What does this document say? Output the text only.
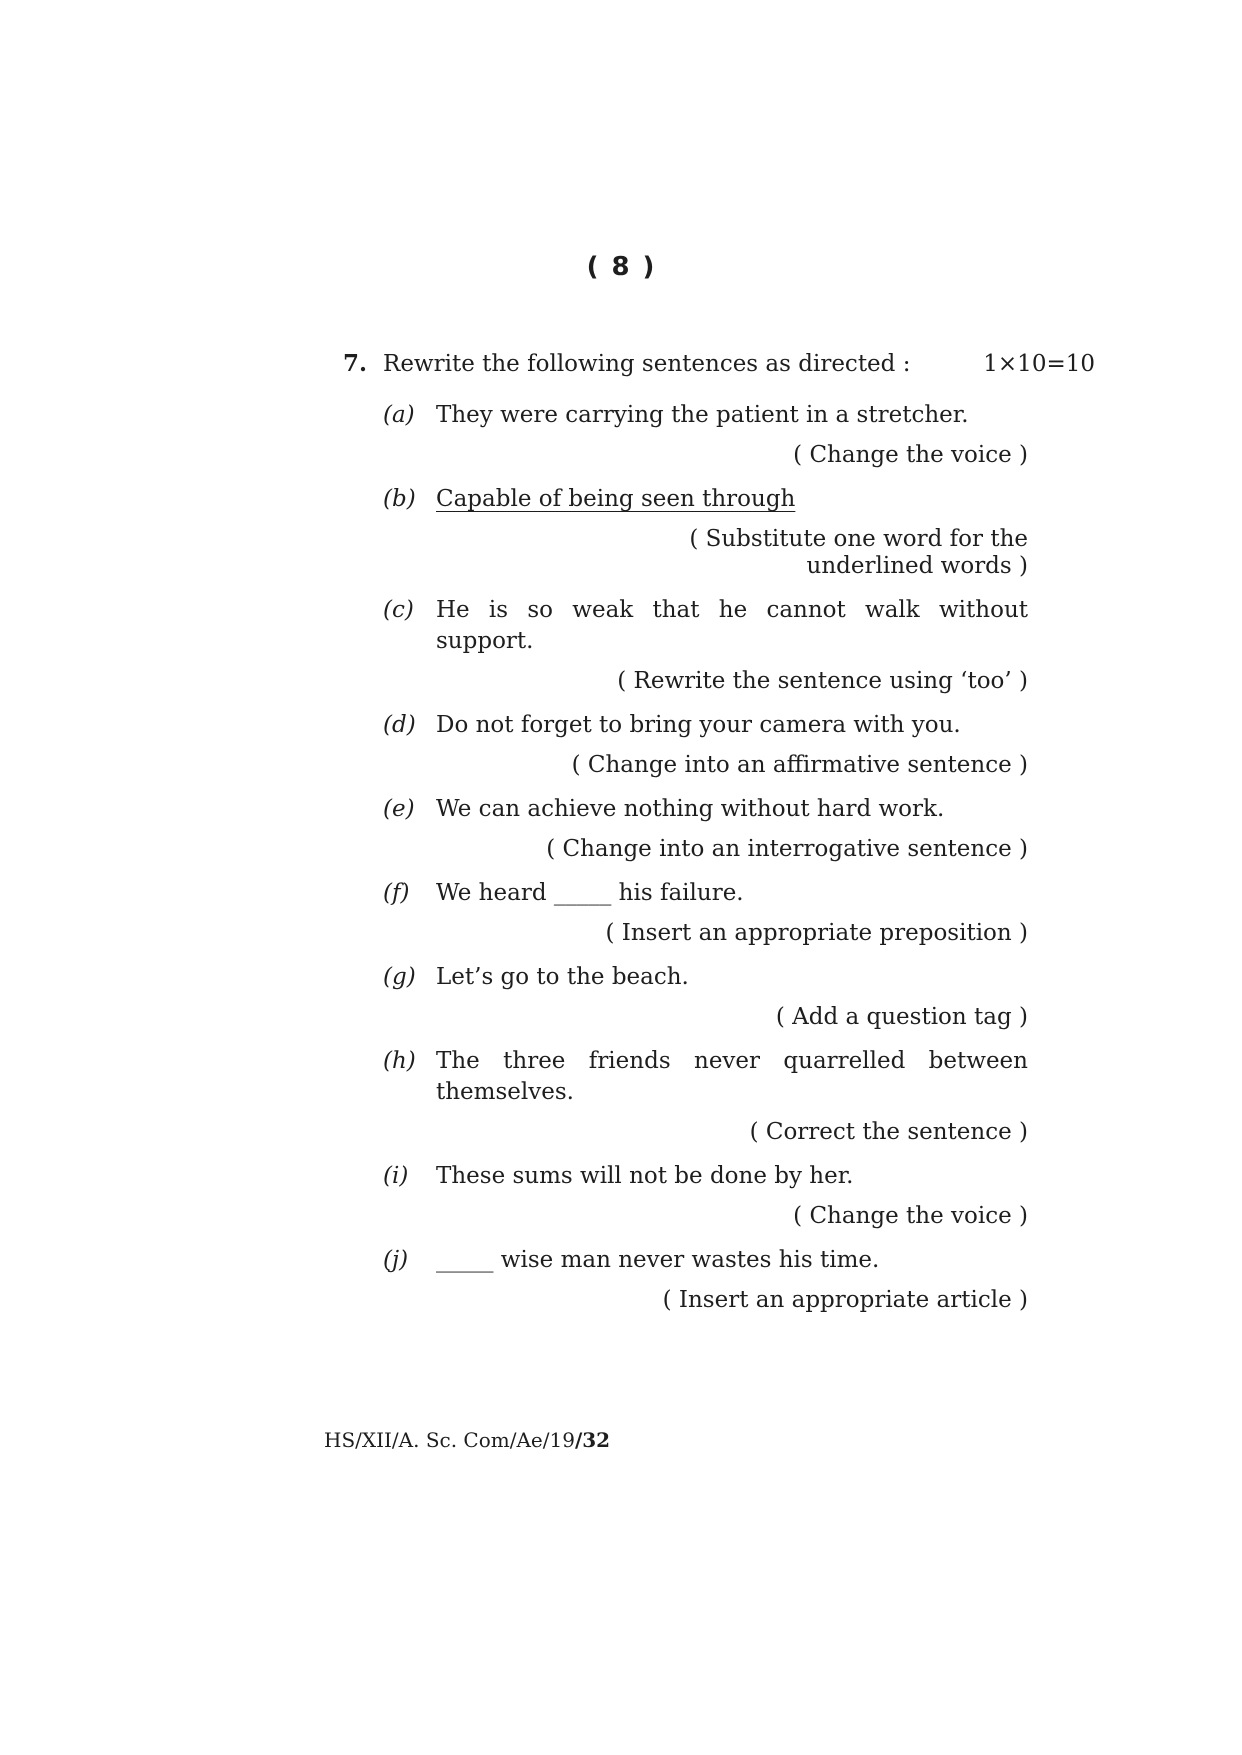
( 8 )
7. Rewrite the following sentences as directed :	1×10=10
(a) They were carrying the patient in a stretcher.
( Change the voice )
(b) Capable of being seen through
( Substitute one word for the
underlined words )
(c) He is so weak that he cannot walk without support.
( Rewrite the sentence using ‘too’ )
(d) Do not forget to bring your camera with you.
( Change into an affirmative sentence )
(e) We can achieve nothing without hard work.
( Change into an interrogative sentence )
(f) We heard _____ his failure.
( Insert an appropriate preposition )
(g) Let’s go to the beach.
( Add a question tag )
(h) The three friends never quarrelled between themselves.
( Correct the sentence )
(i) These sums will not be done by her.
( Change the voice )
(j) _____ wise man never wastes his time.
( Insert an appropriate article )
HS/XII/A. Sc. Com/Ae/19/32
